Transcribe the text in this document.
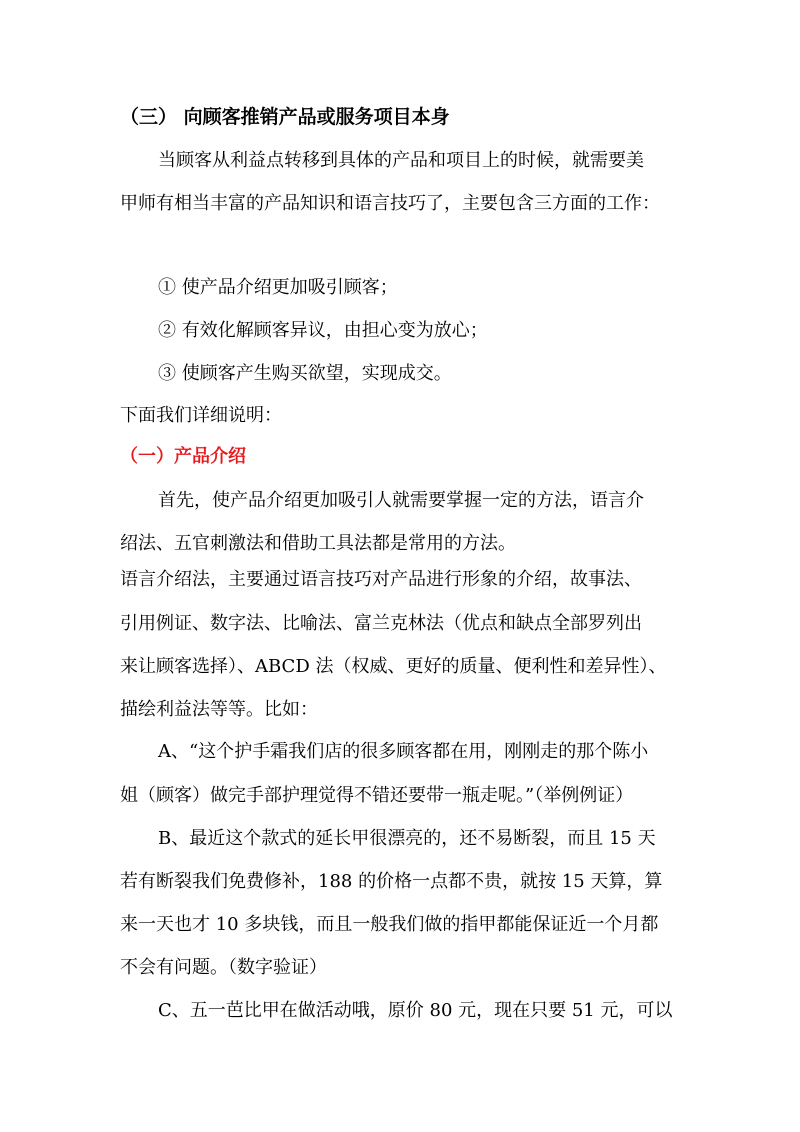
（三） 向顾客推销产品或服务项目本身
当顾客从利益点转移到具体的产品和项目上的时候，就需要美
甲师有相当丰富的产品知识和语言技巧了，主要包含三方面的工作：
① 使产品介绍更加吸引顾客；
② 有效化解顾客异议，由担心变为放心；
③ 使顾客产生购买欲望，实现成交。
下面我们详细说明：
（一）产品介绍
首先，使产品介绍更加吸引人就需要掌握一定的方法，语言介
绍法、五官刺激法和借助工具法都是常用的方法。
语言介绍法，主要通过语言技巧对产品进行形象的介绍，故事法、
引用例证、数字法、比喻法、富兰克林法（优点和缺点全部罗列出
来让顾客选择）、ABCD 法（权威、更好的质量、便利性和差异性）、
描绘利益法等等。比如：
A、“这个护手霜我们店的很多顾客都在用，刚刚走的那个陈小
姐（顾客）做完手部护理觉得不错还要带一瓶走呢。”（举例例证）
B、最近这个款式的延长甲很漂亮的，还不易断裂，而且 15 天
若有断裂我们免费修补，188 的价格一点都不贵，就按 15 天算，算
来一天也才 10 多块钱，而且一般我们做的指甲都能保证近一个月都
不会有问题。（数字验证）
C、五一芭比甲在做活动哦，原价 80 元，现在只要 51 元，可以
